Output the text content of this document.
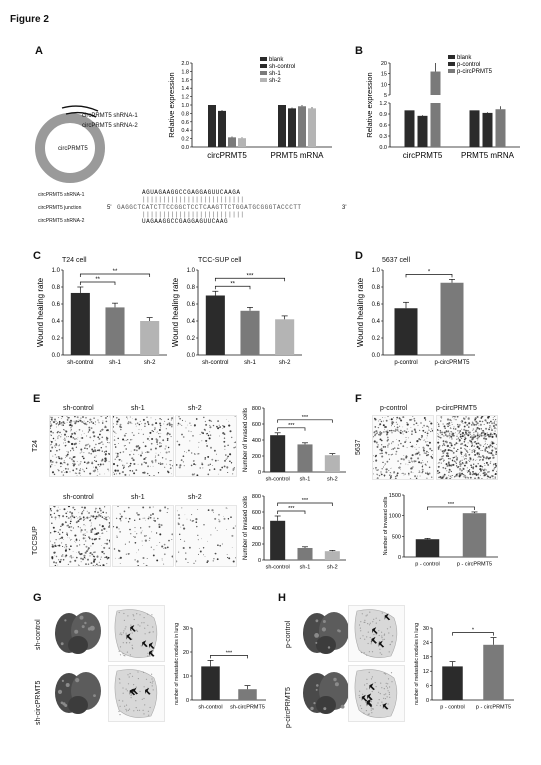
Figure 2
A
circPRMT5
circPRMT5 shRNA-1
circPRMT5 shRNA-2
circPRMT5 shRNA-1
circPRMT5 junction
circPRMT5 shRNA-2
AGUAGAAGGCCGAGGAGUUCAAGA
|||||||||||||||||||||||||
5' GAGGCTCATCTTCCGGCTCCTCAAGTTCTGGATGCGGGTACCCTT	3'
|||||||||||||||||||||||||
UAGAAGGCCGAGGAGUUCAAG
0.0
0.2
0.4
0.6
0.8
1.0
1.2
1.4
1.6
1.8
2.0
circPRMT5	PRMT5 mRNA
blank
sh-control
sh-1
sh-2
Relative expression
B
0.0
0.3
0.6
0.9
1.2
5
10
15
20
circPRMT5 PRMT5 mRNA
blank
p-control
p-circPRMT5
Relative expression
C	T24 cell	TCC-SUP cell
0.0
0.2
0.4
0.6
0.8
1.0
sh-control	sh-1	sh-2
**
**
Wound healing rate
0.0
0.2
0.4
0.6
0.8
1.0
sh-control	sh-1	sh-2
**
***
Wound healing rate
D	5637 cell
0.0
0.2
0.4
0.6
0.8
1.0
p-control	p-circPRMT5
*
Wound healing rate
E
sh-control	sh-1	sh-2
sh-control	sh-1	sh-2
T24
TCCSUP
0
200
400
600
800
sh-control sh-1	sh-2
***
***
Number of invased cells
0
200
400
600
800
sh-control sh-1	sh-2
***
***
Number of invased cells
F
p-control	p-circPRMT5
5637
0
500
1000
1500
p - control	p - circPRMT5
***
Number of invased cells
G
sh-control
sh-circPRMT5	0
10
20
30
sh-control sh-circPRMT5
***
number of metastatic nodules in lung
H
p-control
p-circPRMT5	0
6
12
18
24
30
p - control p - circPRMT5
*
number of metastatic nodules in lung
